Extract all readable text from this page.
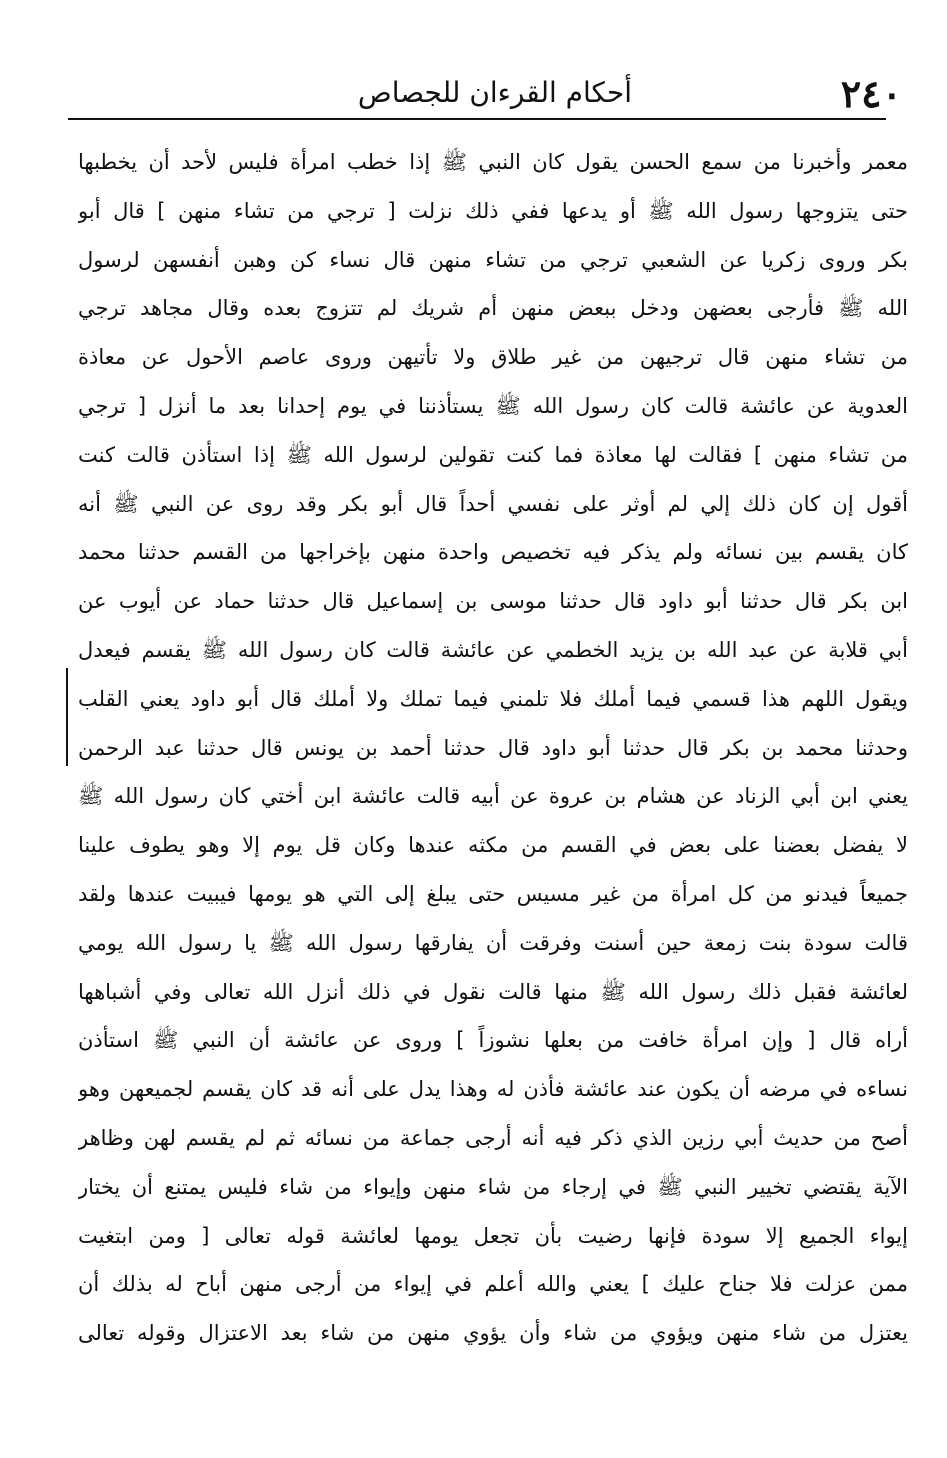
٢٤٠
أحكام القرءان للجصاص
معمر وأخبرنا من سمع الحسن يقول كان النبي ﷺ إذا خطب امرأة فليس لأحد أن يخطبها
حتى يتزوجها رسول الله ﷺ أو يدعها ففي ذلك نزلت [ ترجي من تشاء منهن ] قال أبو
بكر وروى زكريا عن الشعبي ترجي من تشاء منهن قال نساء كن وهبن أنفسهن لرسول
الله ﷺ فأرجى بعضهن ودخل ببعض منهن أم شريك لم تتزوج بعده وقال مجاهد ترجي
من تشاء منهن قال ترجيهن من غير طلاق ولا تأتيهن وروى عاصم الأحول عن معاذة
العدوية عن عائشة قالت كان رسول الله ﷺ يستأذننا في يوم إحدانا بعد ما أنزل [ ترجي
من تشاء منهن ] فقالت لها معاذة فما كنت تقولين لرسول الله ﷺ إذا استأذن قالت كنت
أقول إن كان ذلك إلي لم أوثر على نفسي أحداً قال أبو بكر وقد روى عن النبي ﷺ أنه
كان يقسم بين نسائه ولم يذكر فيه تخصيص واحدة منهن بإخراجها من القسم حدثنا محمد
ابن بكر قال حدثنا أبو داود قال حدثنا موسى بن إسماعيل قال حدثنا حماد عن أيوب عن
أبي قلابة عن عبد الله بن يزيد الخطمي عن عائشة قالت كان رسول الله ﷺ يقسم فيعدل
ويقول اللهم هذا قسمي فيما أملك فلا تلمني فيما تملك ولا أملك قال أبو داود يعني القلب
وحدثنا محمد بن بكر قال حدثنا أبو داود قال حدثنا أحمد بن يونس قال حدثنا عبد الرحمن
يعني ابن أبي الزناد عن هشام بن عروة عن أبيه قالت عائشة ابن أختي كان رسول الله ﷺ
لا يفضل بعضنا على بعض في القسم من مكثه عندها وكان قل يوم إلا وهو يطوف علينا
جميعاً فيدنو من كل امرأة من غير مسيس حتى يبلغ إلى التي هو يومها فيبيت عندها ولقد
قالت سودة بنت زمعة حين أسنت وفرقت أن يفارقها رسول الله ﷺ يا رسول الله يومي
لعائشة فقبل ذلك رسول الله ﷺ منها قالت نقول في ذلك أنزل الله تعالى وفي أشباهها
أراه قال [ وإن امرأة خافت من بعلها نشوزاً ] وروى عن عائشة أن النبي ﷺ استأذن
نساءه في مرضه أن يكون عند عائشة فأذن له وهذا يدل على أنه قد كان يقسم لجميعهن وهو
أصح من حديث أبي رزين الذي ذكر فيه أنه أرجى جماعة من نسائه ثم لم يقسم لهن وظاهر
الآية يقتضي تخيير النبي ﷺ في إرجاء من شاء منهن وإيواء من شاء فليس يمتنع أن يختار
إيواء الجميع إلا سودة فإنها رضيت بأن تجعل يومها لعائشة قوله تعالى [ ومن ابتغيت
ممن عزلت فلا جناح عليك ] يعني والله أعلم في إيواء من أرجى منهن أباح له بذلك أن
يعتزل من شاء منهن ويؤوي من شاء وأن يؤوي منهن من شاء بعد الاعتزال وقوله تعالى
